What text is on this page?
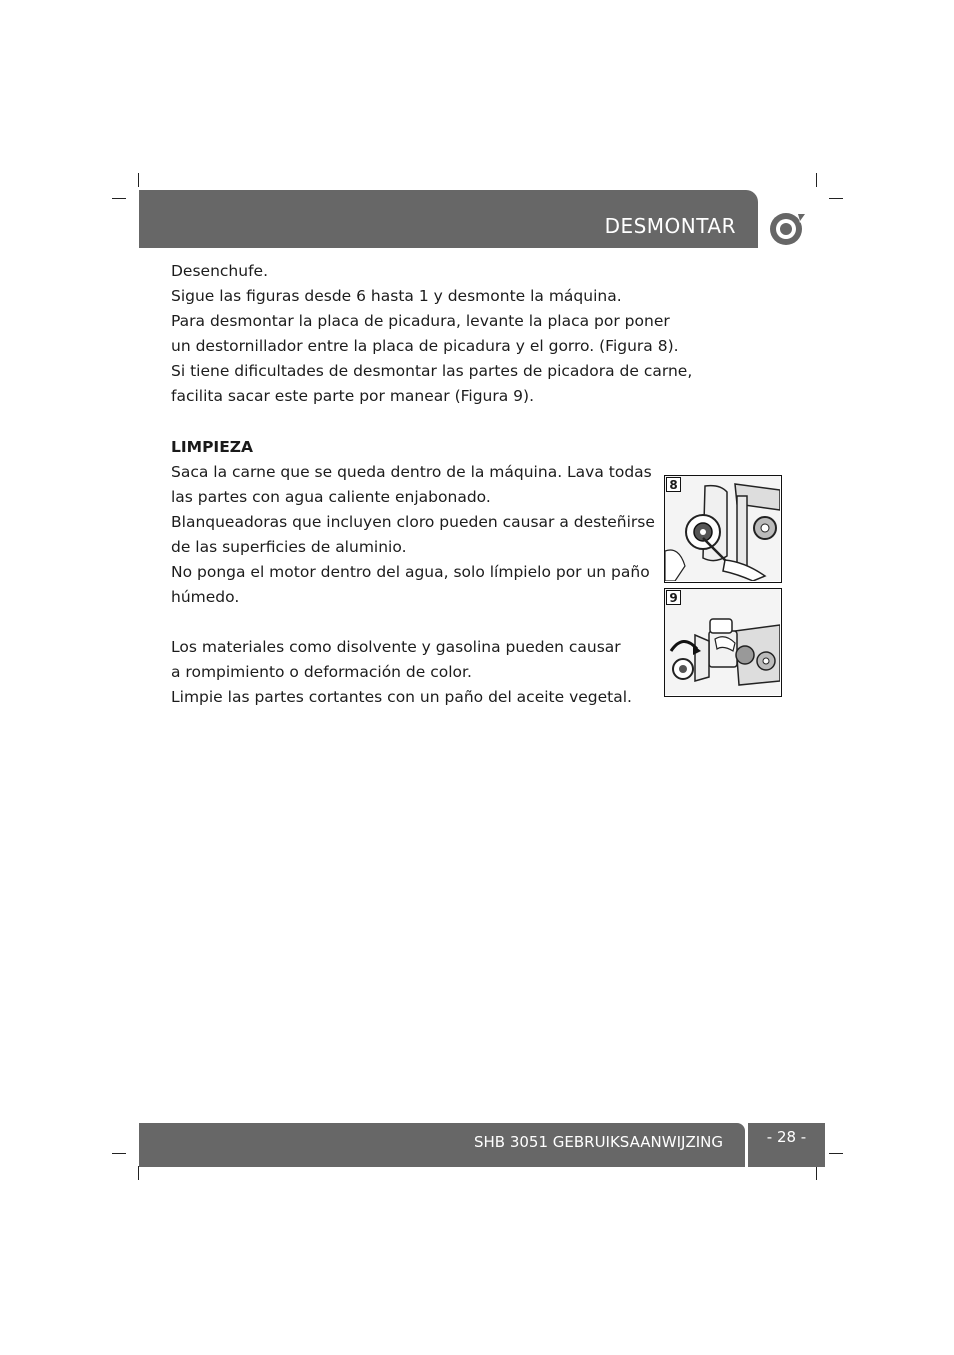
DESMONTAR

Desenchufe.

Sigue las figuras desde 6 hasta 1 y desmonte la máquina.

Para desmontar la placa de picadura, levante la placa por poner

un destornillador entre la placa de picadura y el gorro. (Figura 8).

Si tiene dificultades de desmontar las partes de picadora de carne,

facilita sacar este parte por manear (Figura 9).

LIMPIEZA

Saca la carne que se queda dentro de la máquina. Lava todas

las partes con agua caliente enjabonado.

Blanqueadoras que incluyen cloro pueden causar a desteñirse

de las superficies de aluminio.

No ponga el motor dentro del agua, solo límpielo por un paño

húmedo.

Los materiales como disolvente y gasolina pueden causar

a rompimiento o deformación de color.

Limpie las partes cortantes con un paño del aceite vegetal.

8
9
SHB 3051 GEBRUIKSAANWIJZING	- 28 -
